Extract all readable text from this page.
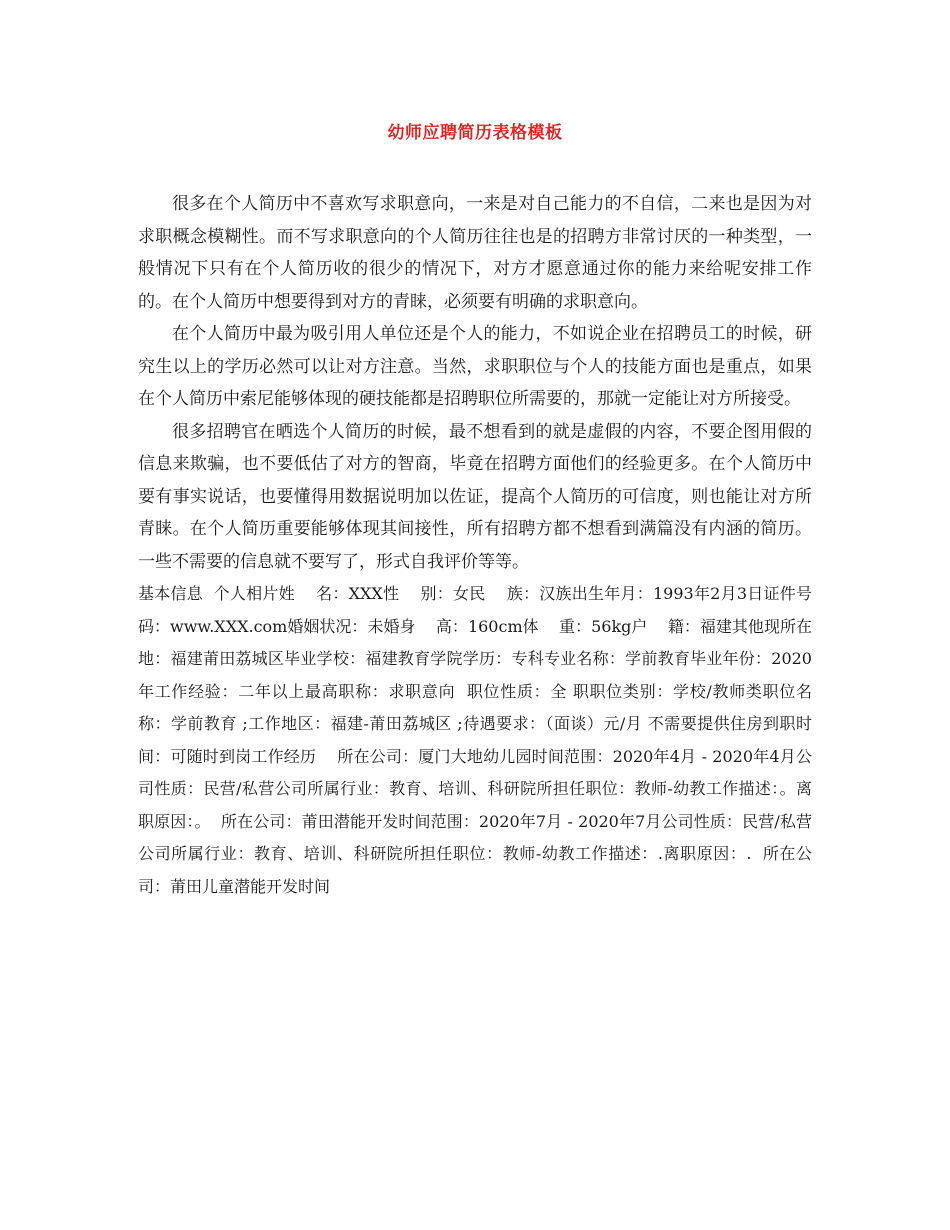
幼师应聘简历表格模板

很多在个人简历中不喜欢写求职意向，一来是对自己能力的不自信，二来也是因为对求职概念模糊性。而不写求职意向的个人简历往往也是的招聘方非常讨厌的一种类型，一般情况下只有在个人简历收的很少的情况下，对方才愿意通过你的能力来给呢安排工作的。在个人简历中想要得到对方的青睐，必须要有明确的求职意向。

在个人简历中最为吸引用人单位还是个人的能力，不如说企业在招聘员工的时候，研究生以上的学历必然可以让对方注意。当然，求职职位与个人的技能方面也是重点，如果在个人简历中索尼能够体现的硬技能都是招聘职位所需要的，那就一定能让对方所接受。

很多招聘官在晒选个人简历的时候，最不想看到的就是虚假的内容，不要企图用假的信息来欺骗，也不要低估了对方的智商，毕竟在招聘方面他们的经验更多。在个人简历中要有事实说话，也要懂得用数据说明加以佐证，提高个人简历的可信度，则也能让对方所青睐。在个人简历重要能够体现其间接性，所有招聘方都不想看到满篇没有内涵的简历。一些不需要的信息就不要写了，形式自我评价等等。

基本信息  个人相片姓    名：XXX性    别：女民    族：汉族出生年月：1993年2月3日证件号码：www.XXX.com婚姻状况：未婚身    高：160cm体    重：56kg户    籍：福建其他现所在地：福建莆田荔城区毕业学校：福建教育学院学历：专科专业名称：学前教育毕业年份：2020年工作经验：二年以上最高职称：求职意向  职位性质：全 职职位类别：学校/教师类职位名称：学前教育 ;工作地区：福建-莆田荔城区 ;待遇要求：（面谈）元/月 不需要提供住房到职时间：可随时到岗工作经历    所在公司：厦门大地幼儿园时间范围：2020年4月 - 2020年4月公司性质：民营/私营公司所属行业：教育、培训、科研院所担任职位：教师-幼教工作描述：。离职原因：。  所在公司：莆田潜能开发时间范围：2020年7月 - 2020年7月公司性质：民营/私营公司所属行业：教育、培训、科研院所担任职位：教师-幼教工作描述：.离职原因：.  所在公司：莆田儿童潜能开发时间
